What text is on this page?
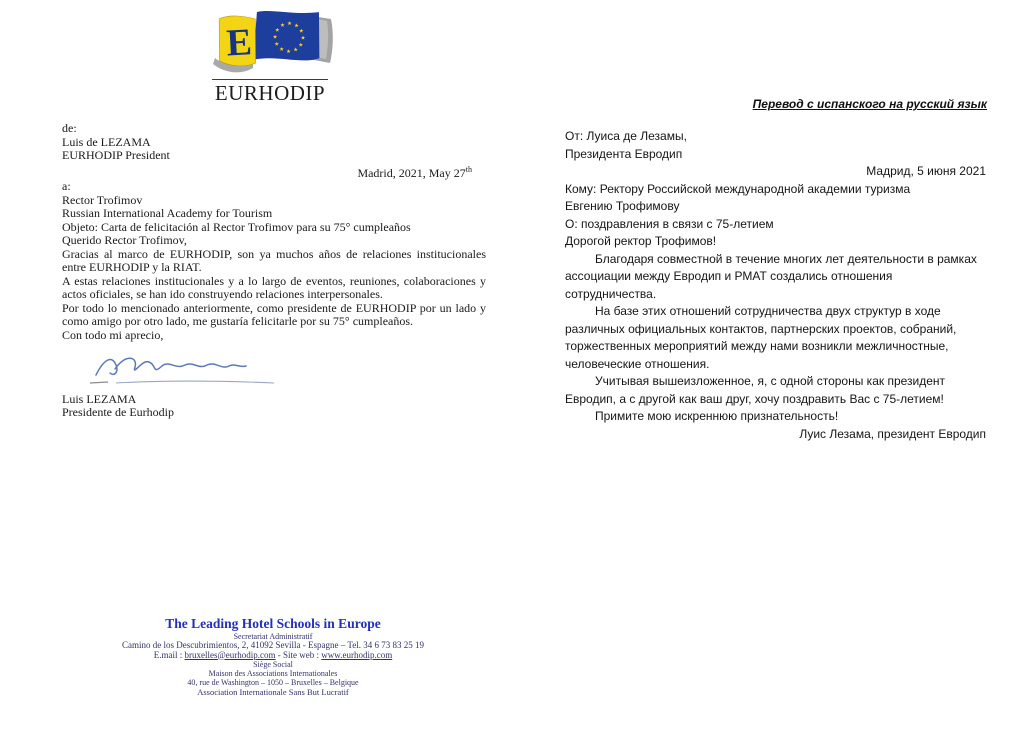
★ ★
★
★
★
★
★
★
★
★
★
★
E
EURHODIP	Перевод с испанского на русский язык

de:

Luis de LEZAMA

EURHODIP President

Madrid, 2021, May 27th

a:

Rector Trofimov

Russian International Academy for Tourism

Objeto: Carta de felicitación al Rector Trofimov para su 75° cumpleaños

Querido Rector Trofimov,

Gracias al marco de EURHODIP, son ya muchos años de relaciones institucionales entre EURHODIP y la RIAT.

A estas relaciones institucionales y a lo largo de eventos, reuniones, colaboraciones y actos oficiales, se han ido construyendo relaciones interpersonales.

Por todo lo mencionado anteriormente, como presidente de EURHODIP por un lado y como amigo por otro lado, me gustaría felicitarle por su 75° cumpleaños.

Con todo mi aprecio,

Luis LEZAMA

Presidente de Eurhodip

От: Луиса де Лезамы,

Президента Евродип

Мадрид, 5 июня 2021

Кому: Ректору Российской международной академии туризма

Евгению Трофимову

О: поздравления в связи с 75-летием

Дорогой ректор Трофимов!

Благодаря совместной в течение многих лет деятельности в рамках ассоциации между Евродип и РМАТ создались отношения сотрудничества.

На базе этих отношений сотрудничества двух структур в ходе различных официальных контактов, партнерских проектов, собраний, торжественных мероприятий между нами возникли межличностные, человеческие отношения.

Учитывая вышеизложенное, я, с одной стороны как президент Евродип, а с другой как ваш друг, хочу поздравить Вас с 75-летием!

Примите мою искреннюю признательность!

Луис Лезама, президент Евродип

The Leading Hotel Schools in Europe

Secretariat Administratif

Camino de los Descubrimientos, 2, 41092 Sevilla - Espagne – Tel. 34 6 73 83 25 19

E.mail : bruxelles@eurhodip.com - Site web : www.eurhodip.com

Siège Social

Maison des Associations Internationales

40, rue de Washington – 1050 – Bruxelles – Belgique

Association Internationale Sans But Lucratif
